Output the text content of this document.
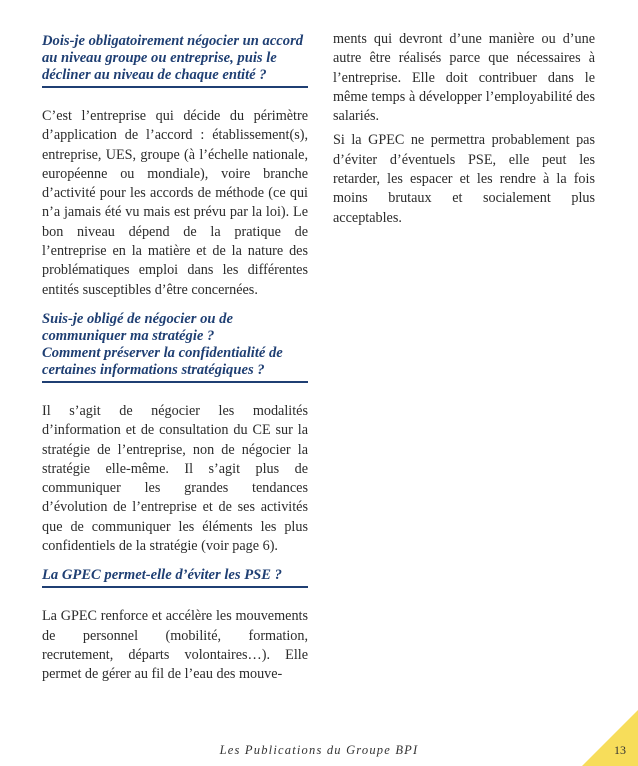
Dois-je obligatoirement négocier un accord au niveau groupe ou entreprise, puis le décliner au niveau de chaque entité ?

C’est l’entreprise qui décide du périmètre d’application de l’accord : établissement(s), entreprise, UES, groupe (à l’échelle nationale, européenne ou mondiale), voire branche d’activité pour les accords de méthode (ce qui n’a jamais été vu mais est prévu par la loi). Le bon niveau dépend de la pratique de l’entreprise en la matière et de la nature des problématiques emploi dans les différentes entités susceptibles d’être concernées.

Suis-je obligé de négocier ou de communiquer ma stratégie ?
Comment préserver la confidentialité de certaines informations stratégiques ?

Il s’agit de négocier les modalités d’information et de consultation du CE sur la stratégie de l’entreprise, non de négocier la stratégie elle-même. Il s’agit plus de communiquer les grandes tendances d’évolution de l’entreprise et de ses activités que de communiquer les éléments les plus confidentiels de la stratégie (voir page 6).

La GPEC permet-elle d’éviter les PSE ?

La GPEC renforce et accélère les mouvements de personnel (mobilité, formation, recrutement, départs volontaires…). Elle permet de gérer au fil de l’eau des mouve-

ments qui devront d’une manière ou d’une autre être réalisés parce que nécessaires à l’entreprise. Elle doit contribuer dans le même temps à développer l’employabilité des salariés.

Si la GPEC ne permettra probablement pas d’éviter d’éventuels PSE, elle peut les retarder, les espacer et les rendre à la fois moins brutaux et socialement plus acceptables.

Les Publications du Groupe BPI	13
